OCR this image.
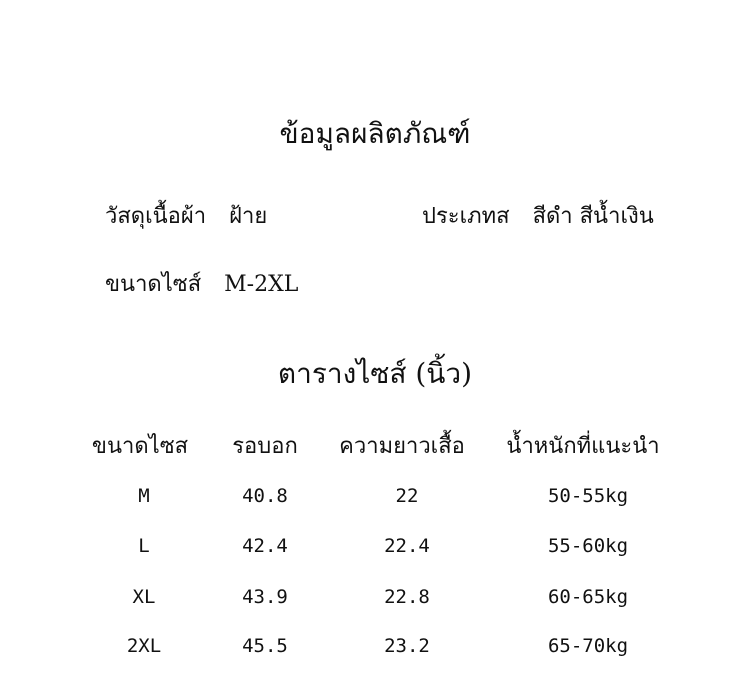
ข้อมูลผลิตภัณฑ์
วัสดุเนื้อผ้า ฝ้าย	ประเภทส สีดำ สีน้ำเงิน
ขนาดไซส์ M-2XL
ตารางไซส์ (นิ้ว)
ขนาดไซส รอบอก ความยาวเสื้อ น้ำหนักที่แนะนำ
M	40.8	22	50-55kg
L	42.4	22.4	55-60kg
XL	43.9	22.8	60-65kg
2XL	45.5	23.2	65-70kg
